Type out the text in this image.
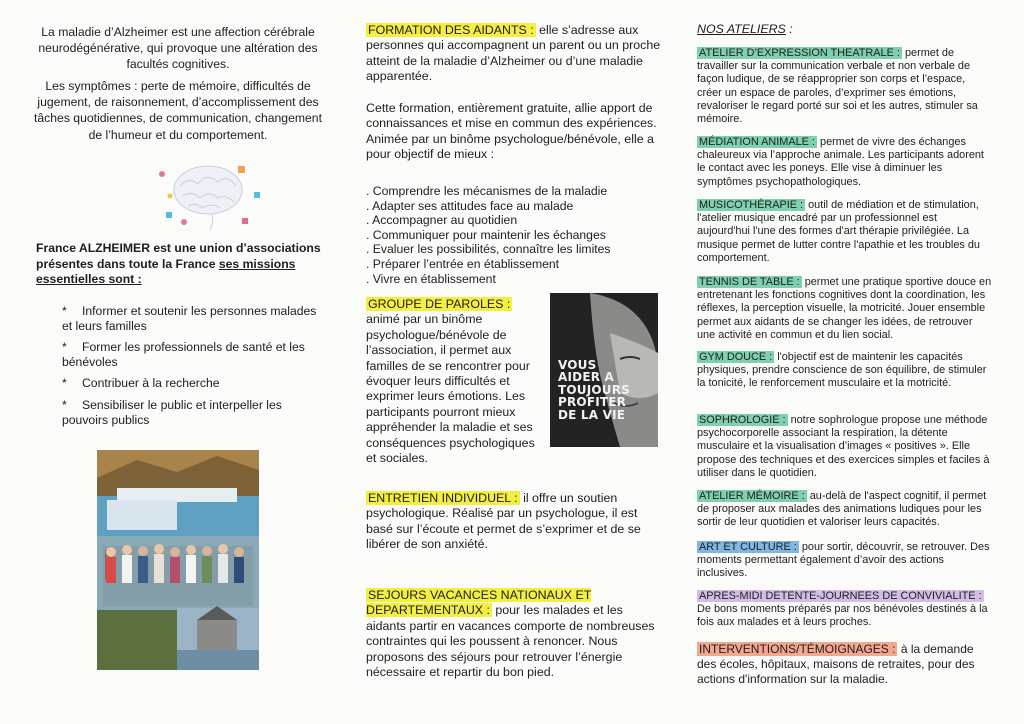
La maladie d’Alzheimer est une affection cérébrale neurodégénérative, qui provoque une altération des facultés cognitives.

Les symptômes : perte de mémoire, difficultés de jugement, de raisonnement, d’accomplissement des tâches quotidiennes, de communication, changement de l’humeur et du comportement.

France ALZHEIMER est une union d’associations présentes dans toute la France ses missions essentielles sont :

* Informer et soutenir les personnes malades et leurs familles
* Former les professionnels de santé et les bénévoles
* Contribuer à la recherche
* Sensibiliser le public et interpeller les pouvoirs publics

FORMATION DES AIDANTS : elle s’adresse aux personnes qui accompagnent un parent ou un proche atteint de la maladie d’Alzheimer ou d’une maladie apparentée.

Cette formation, entièrement gratuite, allie apport de connaissances et mise en commun des expériences. Animée par un binôme psychologue/bénévole, elle a pour objectif de mieux :

. Comprendre les mécanismes de la maladie
. Adapter ses attitudes face au malade
. Accompagner au quotidien
. Communiquer pour maintenir les échanges
. Evaluer les possibilités, connaître les limites
. Préparer l’entrée en établissement
. Vivre en établissement

GROUPE DE PAROLES : animé par un binôme psychologue/bénévole de l’association, il permet aux familles de se rencontrer pour évoquer leurs difficultés et exprimer leurs émotions. Les participants pourront mieux appréhender la maladie et ses conséquences psychologiques et sociales.

VOUS
AIDER A
TOUJOURS
PROFITER
DE LA VIE

ENTRETIEN INDIVIDUEL : il offre un soutien psychologique. Réalisé par un psychologue, il est basé sur l’écoute et permet de s’exprimer et de se libérer de son anxiété.

SEJOURS VACANCES NATIONAUX ET DEPARTEMENTAUX : pour les malades et les aidants partir en vacances comporte de nombreuses contraintes qui les poussent à renoncer. Nous proposons des séjours pour retrouver l’énergie nécessaire et repartir du bon pied.

NOS ATELIERS :

ATELIER D’EXPRESSION THEATRALE : permet de travailler sur la communication verbale et non verbale de façon ludique, de se réapproprier son corps et l’espace, créer un espace de paroles, d’exprimer ses émotions, revaloriser le regard porté sur soi et les autres, stimuler sa mémoire.

MÉDIATION ANIMALE : permet de vivre des échanges chaleureux via l’approche animale. Les participants adorent le contact avec les poneys. Elle vise à diminuer les symptômes psychopathologiques.

MUSICOTHÉRAPIE : outil de médiation et de stimulation, l'atelier musique encadré par un professionnel est aujourd'hui l'une des formes d'art thérapie privilégiée. La musique permet de lutter contre l'apathie et les troubles du comportement.

TENNIS DE TABLE : permet une pratique sportive douce en entretenant les fonctions cognitives dont la coordination, les réflexes, la perception visuelle, la motricité. Jouer ensemble permet aux aidants de se changer les idées, de retrouver une activité en commun et du lien social.

GYM DOUCE : l'objectif est de maintenir les capacités physiques, prendre conscience de son équilibre, de stimuler la tonicité, le renforcement musculaire et la motricité.

SOPHROLOGIE : notre sophrologue propose une méthode psychocorporelle associant la respiration, la détente musculaire et la visualisation d’images « positives ». Elle propose des techniques et des exercices simples et faciles à utiliser dans le quotidien.

ATELIER MÉMOIRE : au-delà de l'aspect cognitif, il permet de proposer aux malades des animations ludiques pour les sortir de leur quotidien et valoriser leurs capacités.

ART ET CULTURE : pour sortir, découvrir, se retrouver. Des moments permettant également d’avoir des actions inclusives.

APRES-MIDI DETENTE-JOURNEES DE CONVIVIALITE : De bons moments préparés par nos bénévoles destinés à la fois aux malades et à leurs proches.

INTERVENTIONS/TÉMOIGNAGES : à la demande des écoles, hôpitaux, maisons de retraites, pour des actions d'information sur la maladie.
